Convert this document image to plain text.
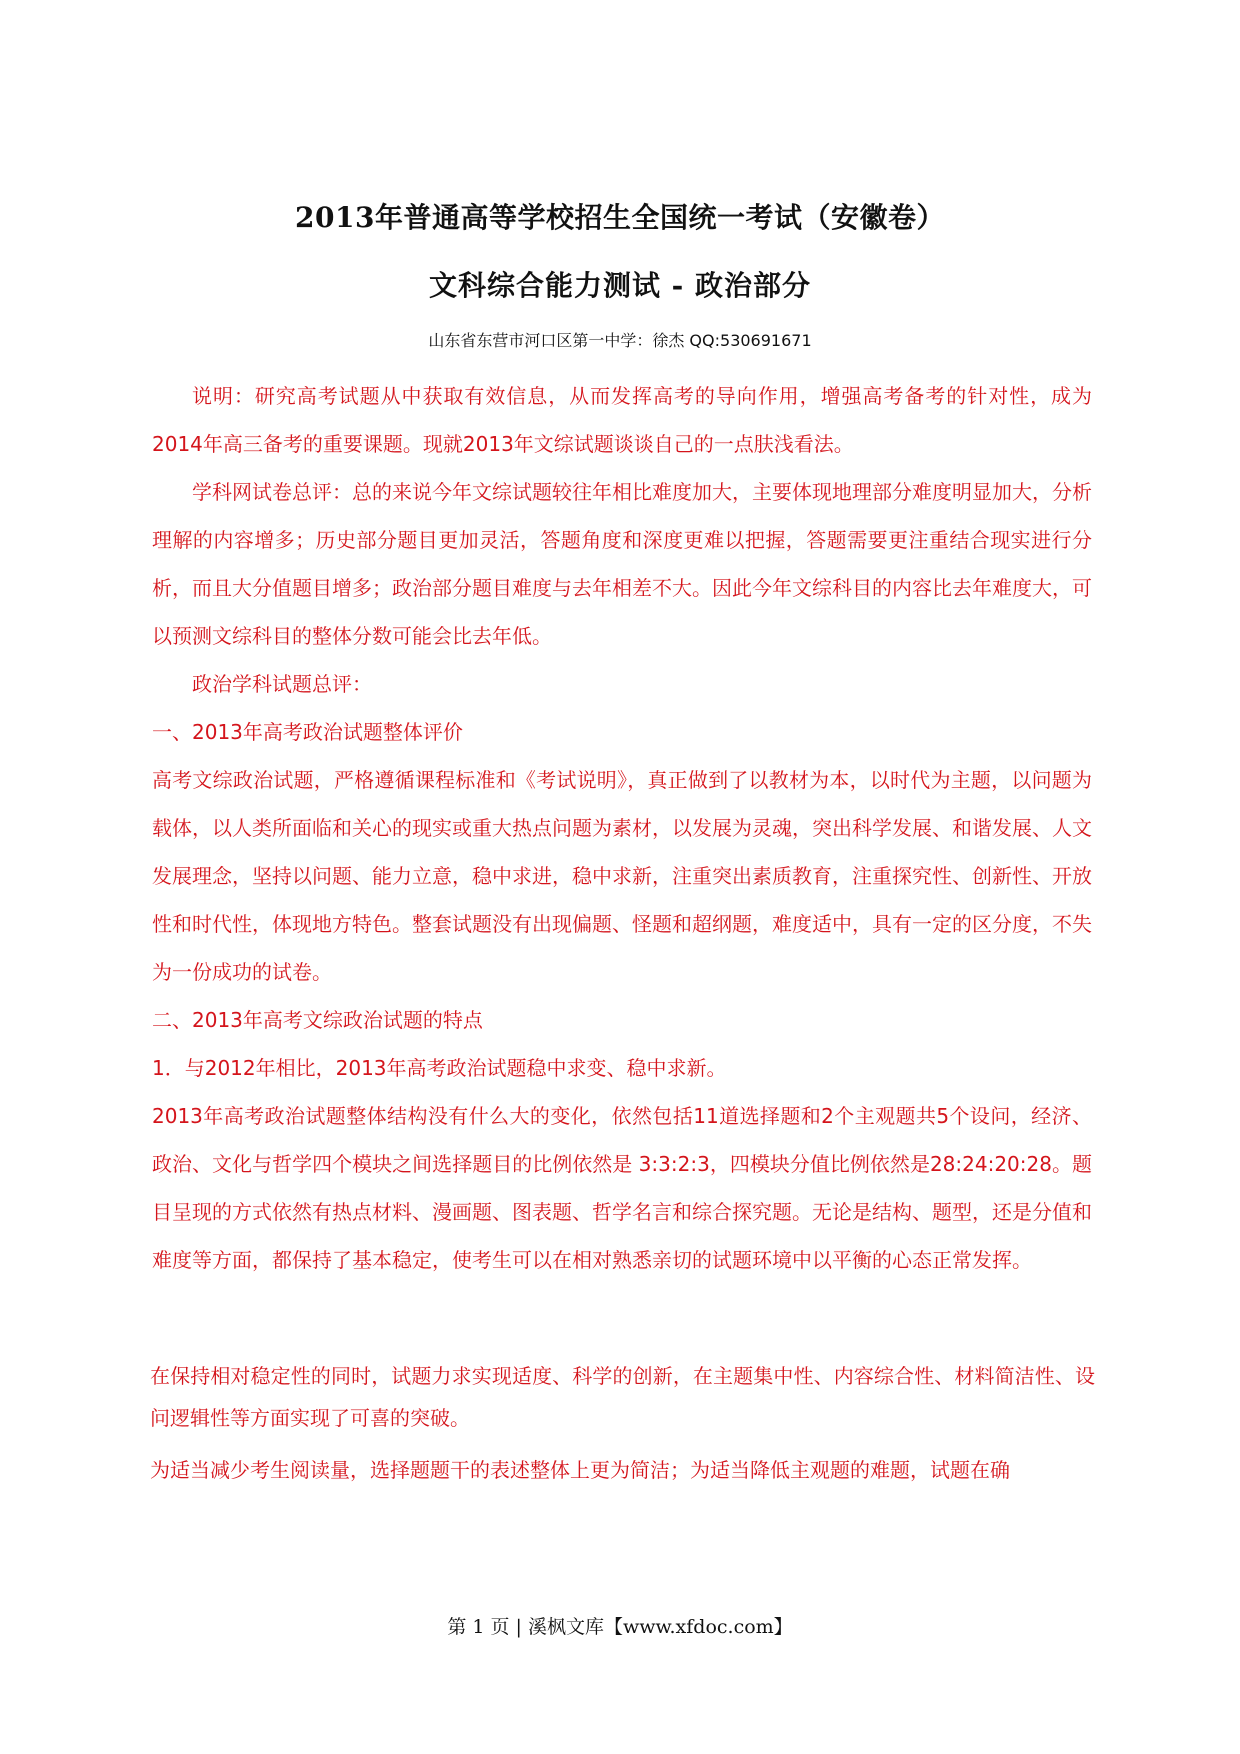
2013年普通高等学校招生全国统一考试（安徽卷）
文科综合能力测试 - 政治部分
山东省东营市河口区第一中学：徐杰 QQ:530691671

说明：研究高考试题从中获取有效信息，从而发挥高考的导向作用，增强高考备考的针对性，成为2014年高三备考的重要课题。现就2013年文综试题谈谈自己的一点肤浅看法。

学科网试卷总评：总的来说今年文综试题较往年相比难度加大，主要体现地理部分难度明显加大，分析理解的内容增多；历史部分题目更加灵活，答题角度和深度更难以把握，答题需要更注重结合现实进行分析，而且大分值题目增多；政治部分题目难度与去年相差不大。因此今年文综科目的内容比去年难度大，可以预测文综科目的整体分数可能会比去年低。

政治学科试题总评：

一、2013年高考政治试题整体评价

高考文综政治试题，严格遵循课程标准和《考试说明》，真正做到了以教材为本，以时代为主题，以问题为载体，以人类所面临和关心的现实或重大热点问题为素材，以发展为灵魂，突出科学发展、和谐发展、人文发展理念，坚持以问题、能力立意，稳中求进，稳中求新，注重突出素质教育，注重探究性、创新性、开放性和时代性，体现地方特色。整套试题没有出现偏题、怪题和超纲题，难度适中，具有一定的区分度，不失为一份成功的试卷。

二、2013年高考文综政治试题的特点

1．与2012年相比，2013年高考政治试题稳中求变、稳中求新。

2013年高考政治试题整体结构没有什么大的变化，依然包括11道选择题和2个主观题共5个设问，经济、政治、文化与哲学四个模块之间选择题目的比例依然是 3:3:2:3，四模块分值比例依然是28:24:20:28。题目呈现的方式依然有热点材料、漫画题、图表题、哲学名言和综合探究题。无论是结构、题型，还是分值和难度等方面，都保持了基本稳定，使考生可以在相对熟悉亲切的试题环境中以平衡的心态正常发挥。

在保持相对稳定性的同时，试题力求实现适度、科学的创新，在主题集中性、内容综合性、材料简洁性、设问逻辑性等方面实现了可喜的突破。

为适当减少考生阅读量，选择题题干的表述整体上更为简洁；为适当降低主观题的难题，试题在确

第 1 页 | 溪枫文库【www.xfdoc.com】
